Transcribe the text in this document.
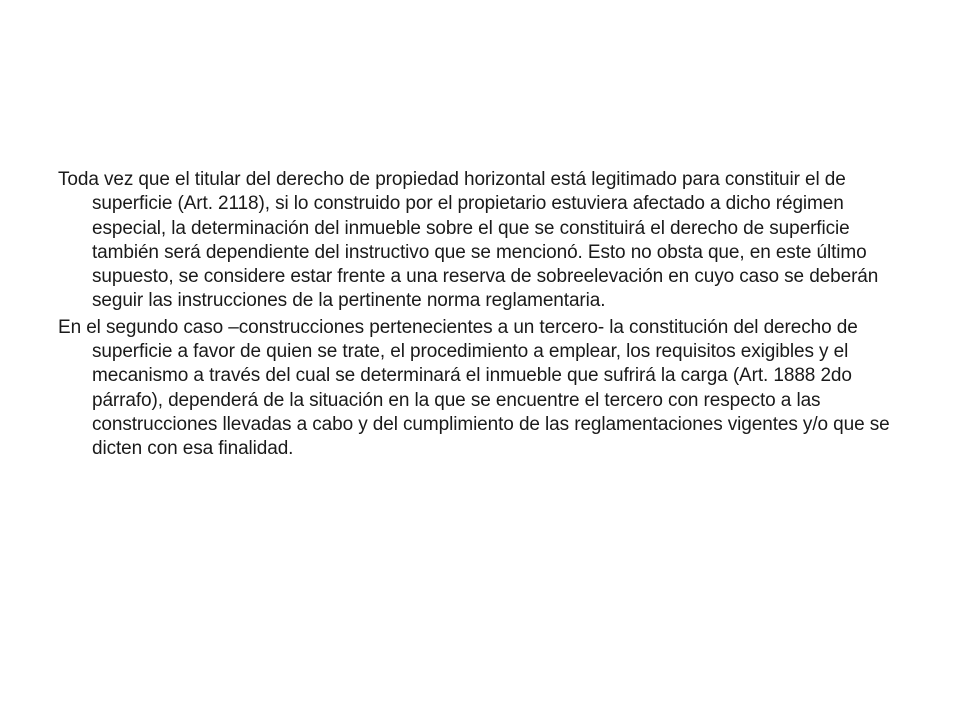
Toda vez que el titular del derecho de propiedad horizontal está legitimado para constituir el de superficie (Art. 2118), si lo construido por el propietario estuviera afectado a dicho régimen especial, la determinación del inmueble sobre el que se constituirá el derecho de superficie también será dependiente del instructivo que se mencionó. Esto no obsta que, en este último supuesto, se considere estar frente a una reserva de sobreelevación en cuyo caso se deberán seguir las instrucciones de la pertinente norma reglamentaria.

En el segundo caso –construcciones pertenecientes a un tercero- la constitución del derecho de superficie a favor de quien se trate, el procedimiento a emplear, los requisitos exigibles y el mecanismo a través del cual se determinará el inmueble que sufrirá la carga (Art. 1888 2do párrafo), dependerá de la situación en la que se encuentre el tercero con respecto a las construcciones llevadas a cabo y del cumplimiento de las reglamentaciones vigentes y/o que se dicten con esa finalidad.
